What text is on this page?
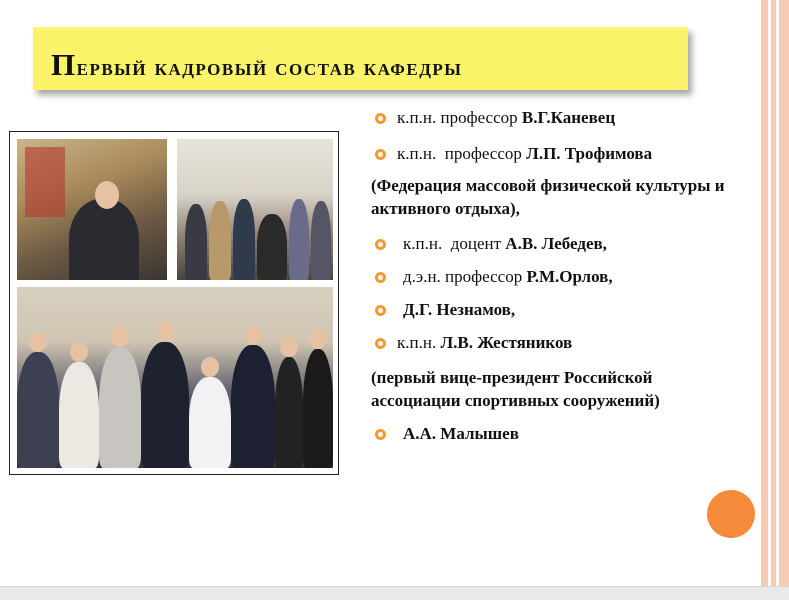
Первый кадровый состав кафедры
к.п.н. профессор В.Г.Каневец
к.п.н. профессор Л.П. Трофимова
(Федерация массовой физической культуры и активного отдыха),
к.п.н. доцент А.В. Лебедев,
д.э.н. профессор Р.М.Орлов,
Д.Г. Незнамов,
к.п.н. Л.В. Жестяников
(первый вице-президент Российской ассоциации спортивных сооружений)
А.А. Малышев
